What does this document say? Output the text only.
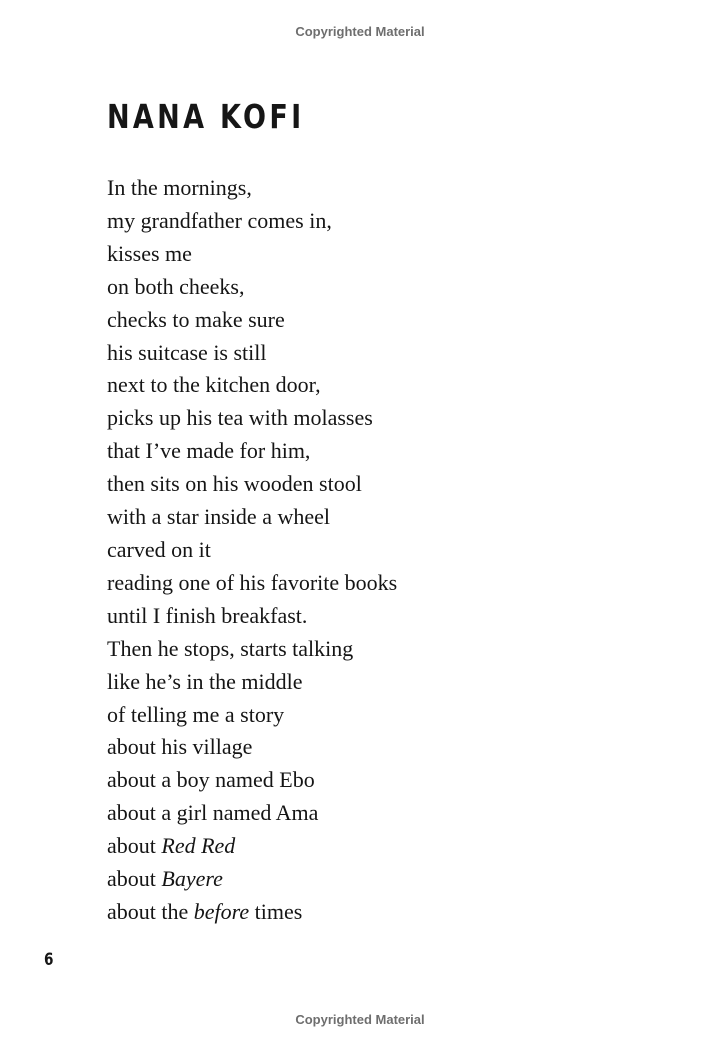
Copyrighted Material
NANA KOFI
In the mornings,
my grandfather comes in,
kisses me
on both cheeks,
checks to make sure
his suitcase is still
next to the kitchen door,
picks up his tea with molasses
that I’ve made for him,
then sits on his wooden stool
with a star inside a wheel
carved on it
reading one of his favorite books
until I finish breakfast.
Then he stops, starts talking
like he’s in the middle
of telling me a story
about his village
about a boy named Ebo
about a girl named Ama
about Red Red
about Bayere
about the before times
6
Copyrighted Material
